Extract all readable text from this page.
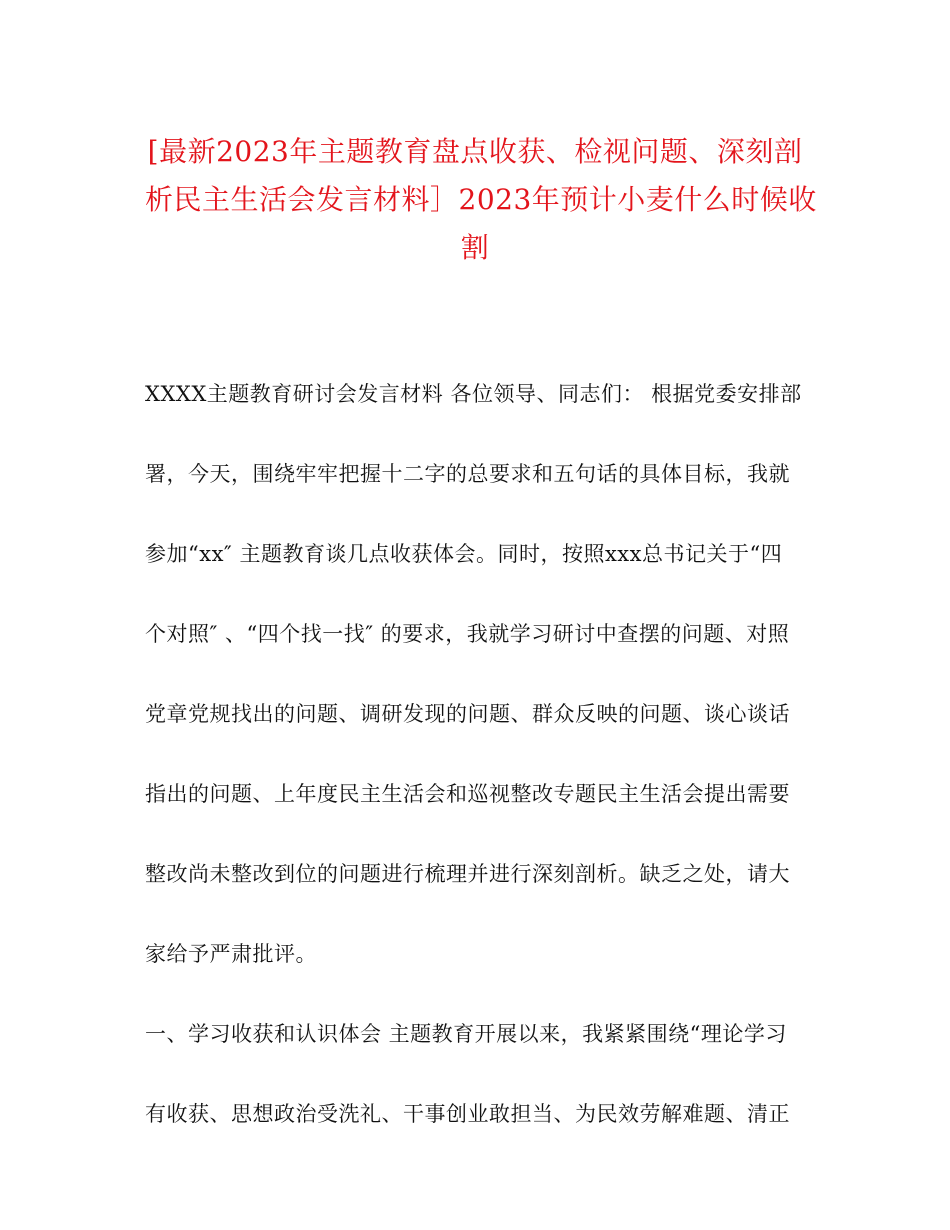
[最新2023年主题教育盘点收获、检视问题、深刻剖
析民主生活会发言材料］2023年预计小麦什么时候收
割
XXXX主题教育研讨会发言材料 各位领导、同志们： 根据党委安排部
署，今天，围绕牢牢把握十二字的总要求和五句话的具体目标，我就
参加“xx″ 主题教育谈几点收获体会。同时，按照xxx总书记关于“四
个对照″ 、“四个找一找″ 的要求，我就学习研讨中查摆的问题、对照
党章党规找出的问题、调研发现的问题、群众反映的问题、谈心谈话
指出的问题、上年度民主生活会和巡视整改专题民主生活会提出需要
整改尚未整改到位的问题进行梳理并进行深刻剖析。缺乏之处，请大
家给予严肃批评。
一、学习收获和认识体会 主题教育开展以来，我紧紧围绕“理论学习
有收获、思想政治受洗礼、干事创业敢担当、为民效劳解难题、清正
